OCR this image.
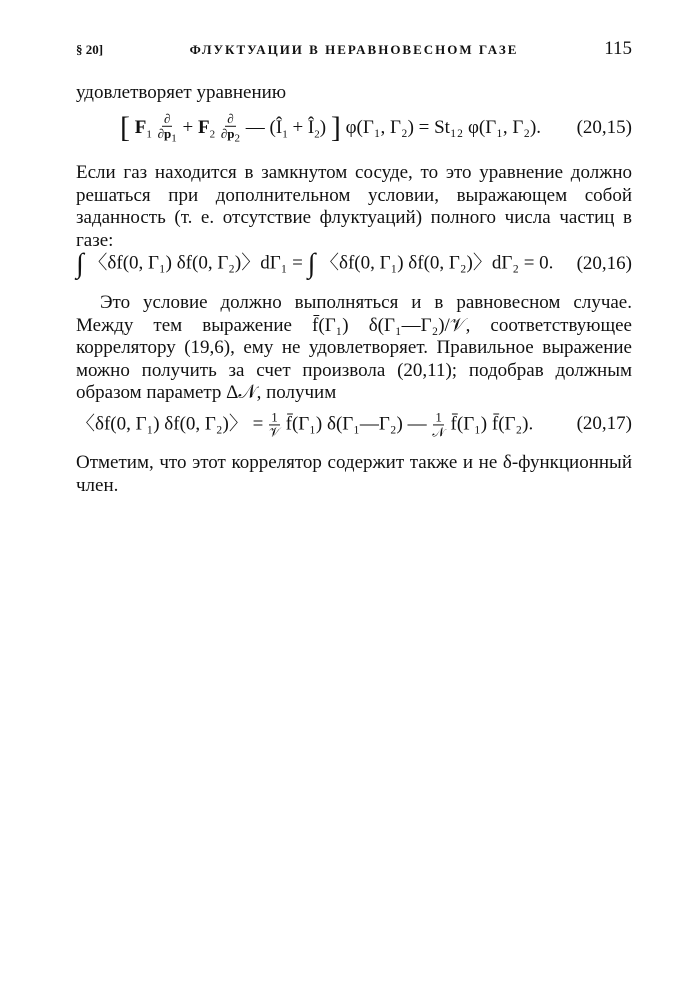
§ 20]	ФЛУКТУАЦИИ В НЕРАВНОВЕСНОМ ГАЗЕ	115
удовлетворяет уравнению
[ $F_1 \frac{\partial}{\partial p_1} + F_2 \frac{\partial}{\partial p_2}$ — ($Î_1$ + $Î_2$) ] φ(Γ₁, Γ₂) = St₁₂ φ(Γ₁, Γ₂). (20,15)
Если газ находится в замкнутом сосуде, то это уравнение должно решаться при дополнительном условии, выражающем собой заданность (т. е. отсутствие флуктуаций) полного числа частиц в газе:
∫ 〈δf(0, Γ₁) δf(0, Γ₂)〉dΓ₁ = ∫ 〈δf(0, Γ₁) δf(0, Γ₂)〉dΓ₂ = 0. (20,16)
Это условие должно выполняться и в равновесном случае. Между тем выражение f̄(Γ₁) δ(Γ₁—Γ₂)/𝒱, соответствующее коррелятору (19,6), ему не удовлетворяет. Правильное выражение можно получить за счет произвола (20,11); подобрав должным образом параметр Δ𝒩, получим
〈δf(0, Γ₁) δf(0, Γ₂)〉 = $\frac{1}{\text{𝒱}}$ f̄(Γ₁) δ(Γ₁—Γ₂) — $\frac{1}{\text{𝒩}}$ f̄(Γ₁) f̄(Γ₂). (20,17)
Отметим, что этот коррелятор содержит также и не δ-функционный член.
